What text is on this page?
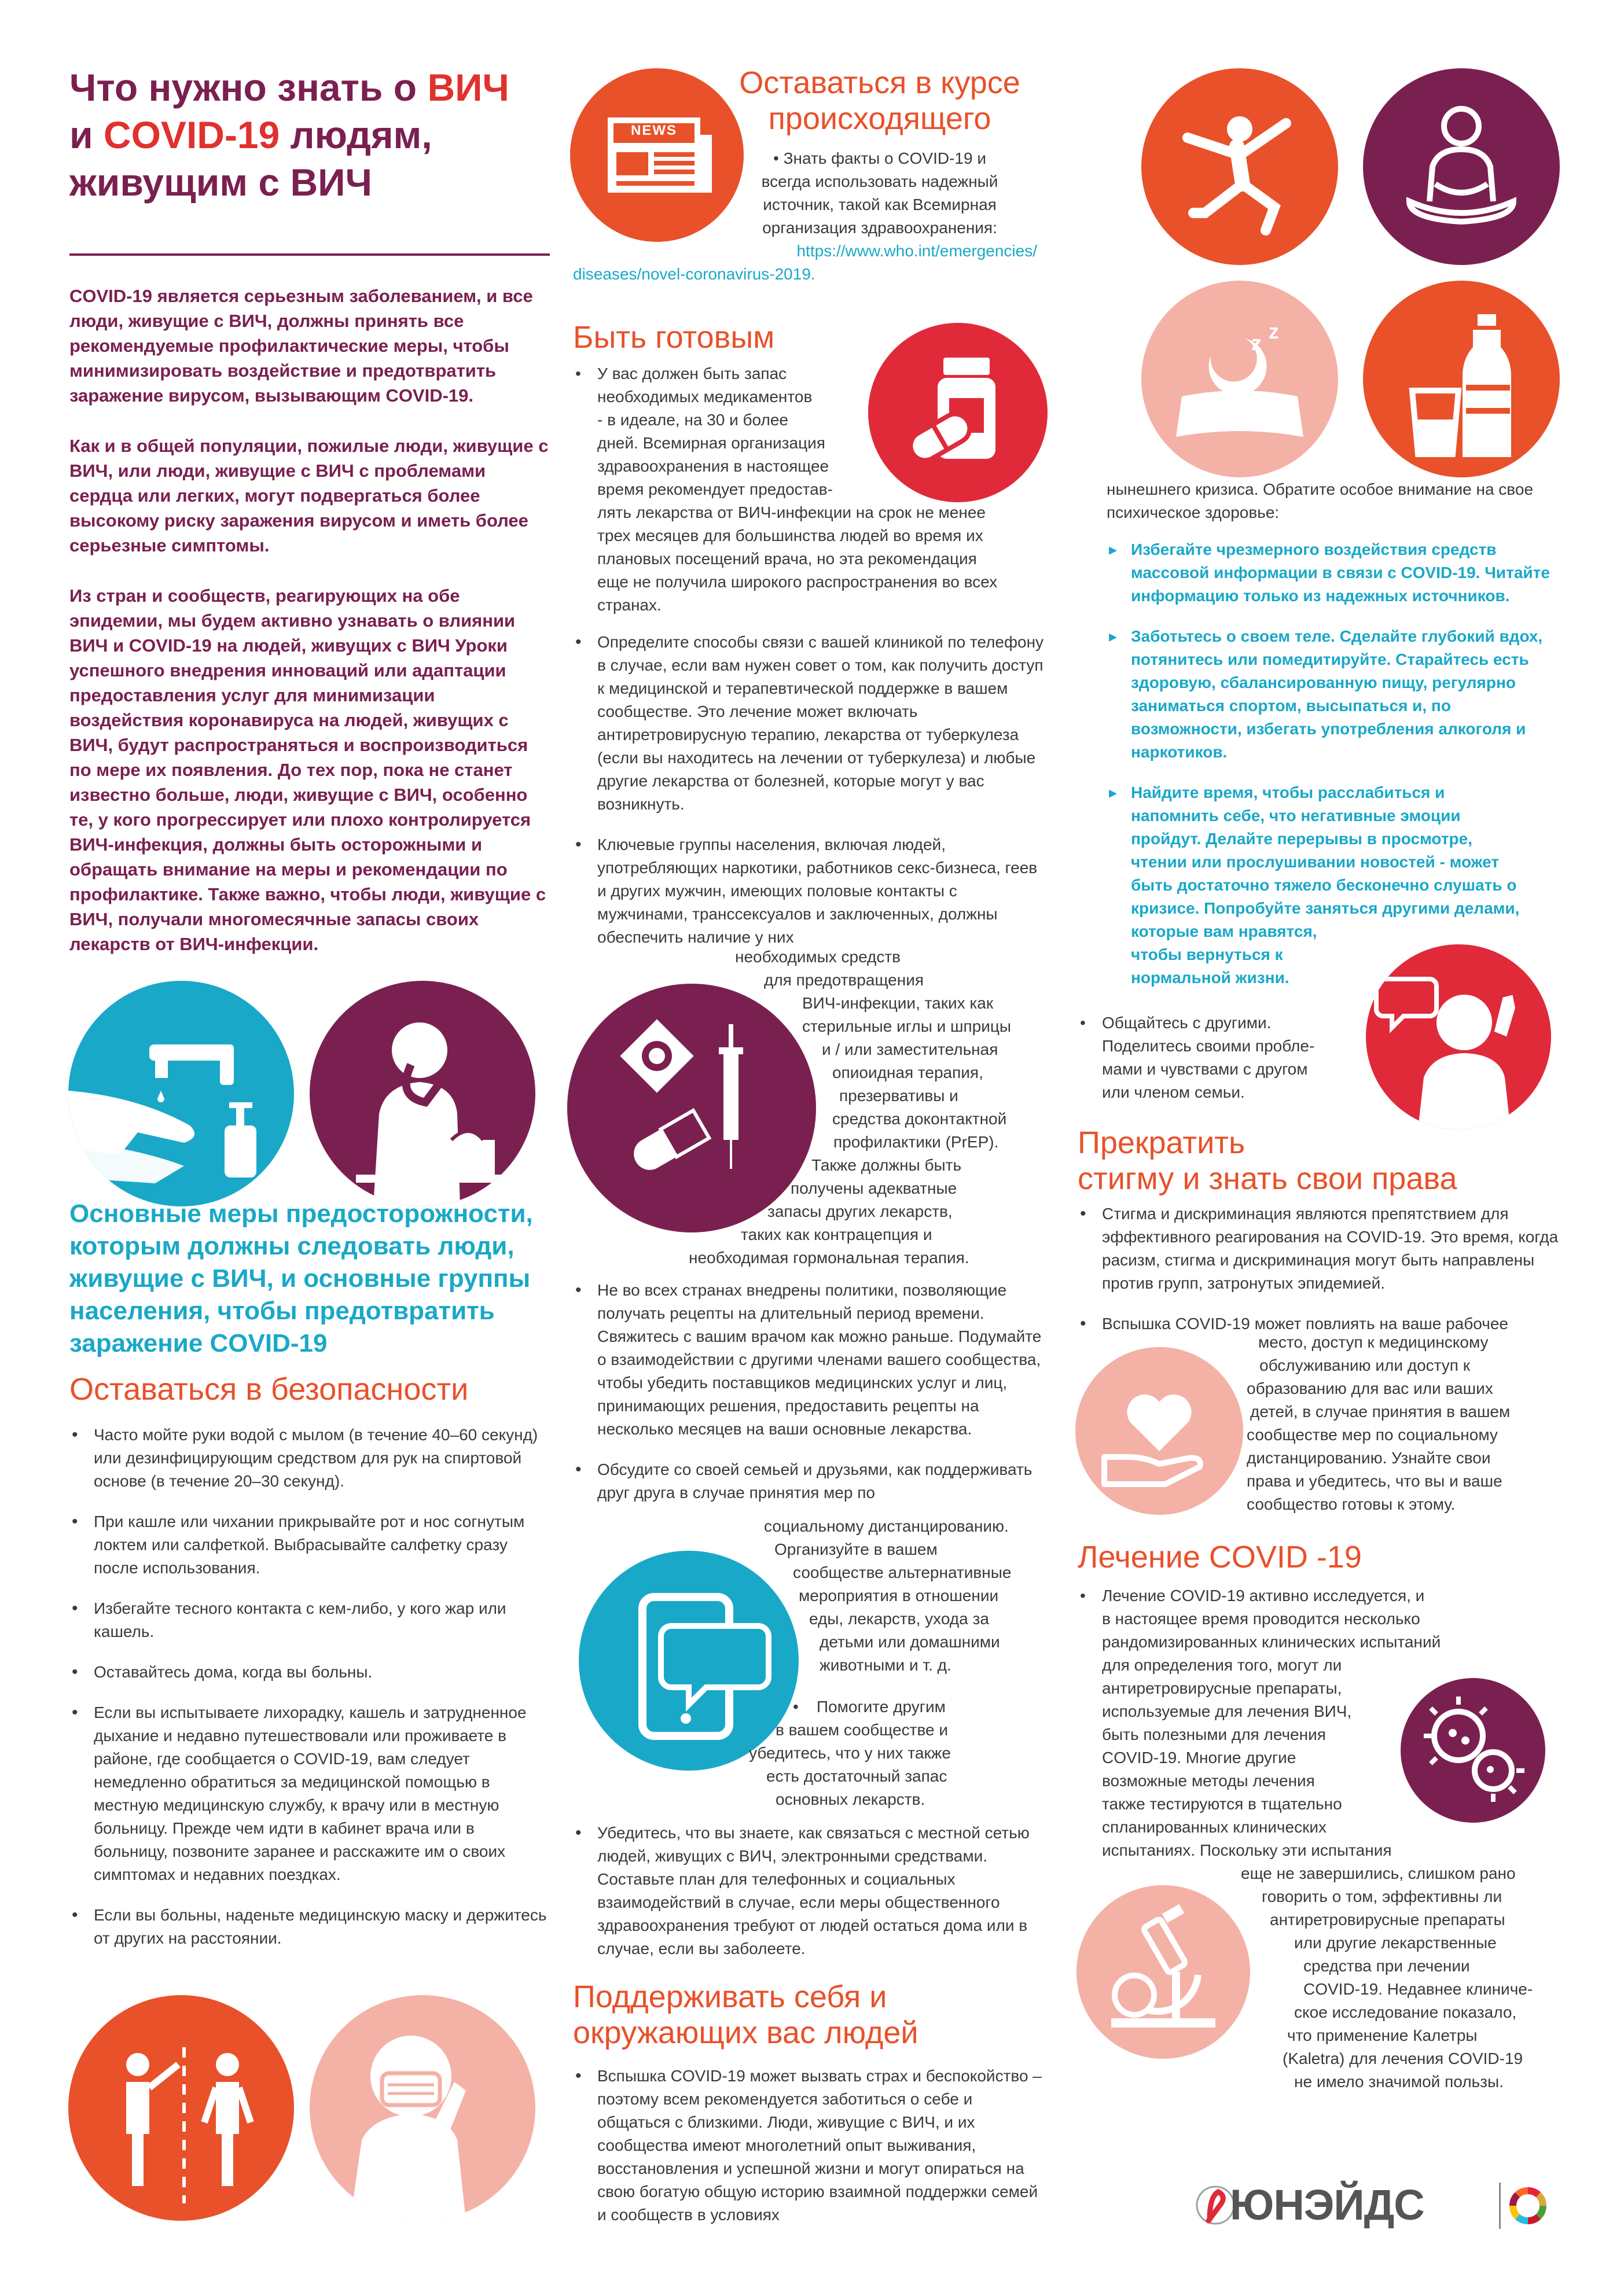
Что нужно знать о ВИЧ
и COVID-19 людям,
живущим с ВИЧ

COVID-19 является серьезным заболеванием, и все люди, живущие с ВИЧ, должны принять все рекомендуемые профилактические меры, чтобы минимизировать воздействие и предотвратить заражение вирусом, вызывающим COVID-19.

Как и в общей популяции, пожилые люди, живущие с ВИЧ, или люди, живущие с ВИЧ с проблемами сердца или легких, могут подвергаться более высокому риску заражения вирусом и иметь более серьезные симптомы.

Из стран и сообществ, реагирующих на обе эпидемии, мы будем активно узнавать о влиянии ВИЧ и COVID-19 на людей, живущих с ВИЧ Уроки успешного внедрения инноваций или адаптации предоставления услуг для минимизации воздействия коронавируса на людей, живущих с ВИЧ, будут распространяться и воспроизводиться по мере их появления. До тех пор, пока не станет известно больше, люди, живущие с ВИЧ, особенно те, у кого прогрессирует или плохо контролируется ВИЧ-инфекция, должны быть осторожными и обращать внимание на меры и рекомендации по профилактике. Также важно, чтобы люди, живущие с ВИЧ, получали многомесячные запасы своих лекарств от ВИЧ-инфекции.

Основные меры предосторожности, которым должны следовать люди, живущие с ВИЧ, и основные группы населения, чтобы предотвратить заражение COVID-19
Оставаться в безопасности
• Часто мойте руки водой с мылом (в течение 40–60 секунд) или дезинфицирующим средством для рук на спиртовой основе (в течение 20–30 секунд).
• При кашле или чихании прикрывайте рот и нос согнутым локтем или салфеткой. Выбрасывайте салфетку сразу после использования.
• Избегайте тесного контакта с кем-либо, у кого жар или кашель.
• Оставайтесь дома, когда вы больны.
• Если вы испытываете лихорадку, кашель и затрудненное дыхание и недавно путешествовали или проживаете в районе, где сообщается о COVID-19, вам следует немедленно обратиться за медицинской помощью в местную медицинскую службу, к врачу или в местную больницу. Прежде чем идти в кабинет врача или в больницу, позвоните заранее и расскажите им о своих симптомах и недавних поездках.
• Если вы больны, наденьте медицинскую маску и держитесь от других на расстоянии.
NEWS
Оставаться в курсе
происходящего
• Знать факты о COVID-19 и
всегда использовать надежный
источник, такой как Всемирная
организация здравоохранения:
https://www.who.int/emergencies/
diseases/novel-coronavirus-2019.
Быть готовым
• У вас должен быть запас
необходимых медикаментов
- в идеале, на 30 и более
дней. Всемирная организация
здравоохранения в настоящее
время рекомендует предостав-
лять лекарства от ВИЧ-инфекции на срок не менее
трех месяцев для большинства людей во время их
плановых посещений врача, но эта рекомендация
еще не получила широкого распространения во всех
странах.
• Определите способы связи с вашей клиникой по телефону в случае, если вам нужен совет о том, как получить доступ к медицинской и терапевтической поддержке в вашем сообществе. Это лечение может включать антиретровирусную терапию, лекарства от туберкулеза (если вы находитесь на лечении от туберкулеза) и любые другие лекарства от болезней, которые могут у вас возникнуть.
• Ключевые группы населения, включая людей, употребляющих наркотики, работников секс-бизнеса, геев и других мужчин, имеющих половые контакты с мужчинами, транссексуалов и заключенных, должны обеспечить наличие у них
необходимых средств
для предотвращения
ВИЧ-инфекции, таких как
стерильные иглы и шприцы
и / или заместительная
опиоидная терапия,
презервативы и
средства доконтактной
профилактики (PrEP).
Также должны быть
получены адекватные
запасы других лекарств,
таких как контрацепция и
необходимая гормональная терапия.
• Не во всех странах внедрены политики, позволяющие получать рецепты на длительный период времени. Свяжитесь с вашим врачом как можно раньше. Подумайте о взаимодействии с другими членами вашего сообщества, чтобы убедить поставщиков медицинских услуг и лиц, принимающих решения, предоставить рецепты на несколько месяцев на ваши основные лекарства.
• Обсудите со своей семьей и друзьями, как поддерживать друг друга в случае принятия мер по
социальному дистанцированию.
Организуйте в вашем
сообществе альтернативные
мероприятия в отношении
еды, лекарств, ухода за
детьми или домашними
животными и т. д.
•    Помогите другим
в вашем сообществе и
убедитесь, что у них также
есть достаточный запас
основных лекарств.
• Убедитесь, что вы знаете, как связаться с местной сетью людей, живущих с ВИЧ, электронными средствами. Составьте план для телефонных и социальных взаимодействий в случае, если меры общественного здравоохранения требуют от людей остаться дома или в случае, если вы заболеете.
Поддерживать себя и
окружающих вас людей
• Вспышка COVID-19 может вызвать страх и беспокойство – поэтому всем рекомендуется заботиться о себе и общаться с близкими. Люди, живущие с ВИЧ, и их сообщества имеют многолетний опыт выживания, восстановления и успешной жизни и могут опираться на свою богатую общую историю взаимной поддержки семей и сообществ в условиях
z z
нынешнего кризиса. Обратите особое внимание на свое психическое здоровье:
▸ Избегайте чрезмерного воздействия средств массовой информации в связи с COVID-19. Читайте информацию только из надежных источников.
▸ Заботьтесь о своем теле. Сделайте глубокий вдох, потянитесь или помедитируйте. Старайтесь есть здоровую, сбалансированную пищу, регулярно заниматься спортом, высыпаться и, по возможности, избегать употребления алкоголя и наркотиков.
▸ Найдите время, чтобы расслабиться и
напомнить себе, что негативные эмоции
пройдут. Делайте перерывы в просмотре,
чтении или прослушивании новостей - может
быть достаточно тяжело бесконечно слушать о
кризисе. Попробуйте заняться другими делами,
которые вам нравятся,
чтобы вернуться к
нормальной жизни.
• Общайтесь с другими.
Поделитесь своими пробле-
мами и чувствами с другом
или членом семьи.
Прекратить
стигму и знать свои права
• Стигма и дискриминация являются препятствием для эффективного реагирования на COVID-19. Это время, когда расизм, стигма и дискриминация могут быть направлены против групп, затронутых эпидемией.
• Вспышка COVID-19 может повлиять на ваше рабочее
место, доступ к медицинскому
обслуживанию или доступ к
образованию для вас или ваших
детей, в случае принятия в вашем
сообществе мер по социальному
дистанцированию. Узнайте свои
права и убедитесь, что вы и ваше
сообщество готовы к этому.
Лечение COVID -19
• Лечение COVID-19 активно исследуется, и
в настоящее время проводится несколько
рандомизированных клинических испытаний
для определения того, могут ли
антиретровирусные препараты,
используемые для лечения ВИЧ,
быть полезными для лечения
COVID-19. Многие другие
возможные методы лечения
также тестируются в тщательно
спланированных клинических
испытаниях. Поскольку эти испытания
еще не завершились, слишком рано
говорить о том, эффективны ли
антиретровирусные препараты
или другие лекарственные
средства при лечении
COVID-19. Недавнее клиниче-
ское исследование показало,
что применение Калетры
(Kaletra) для лечения COVID-19
не имело значимой пользы.
ЮНЭЙДС
